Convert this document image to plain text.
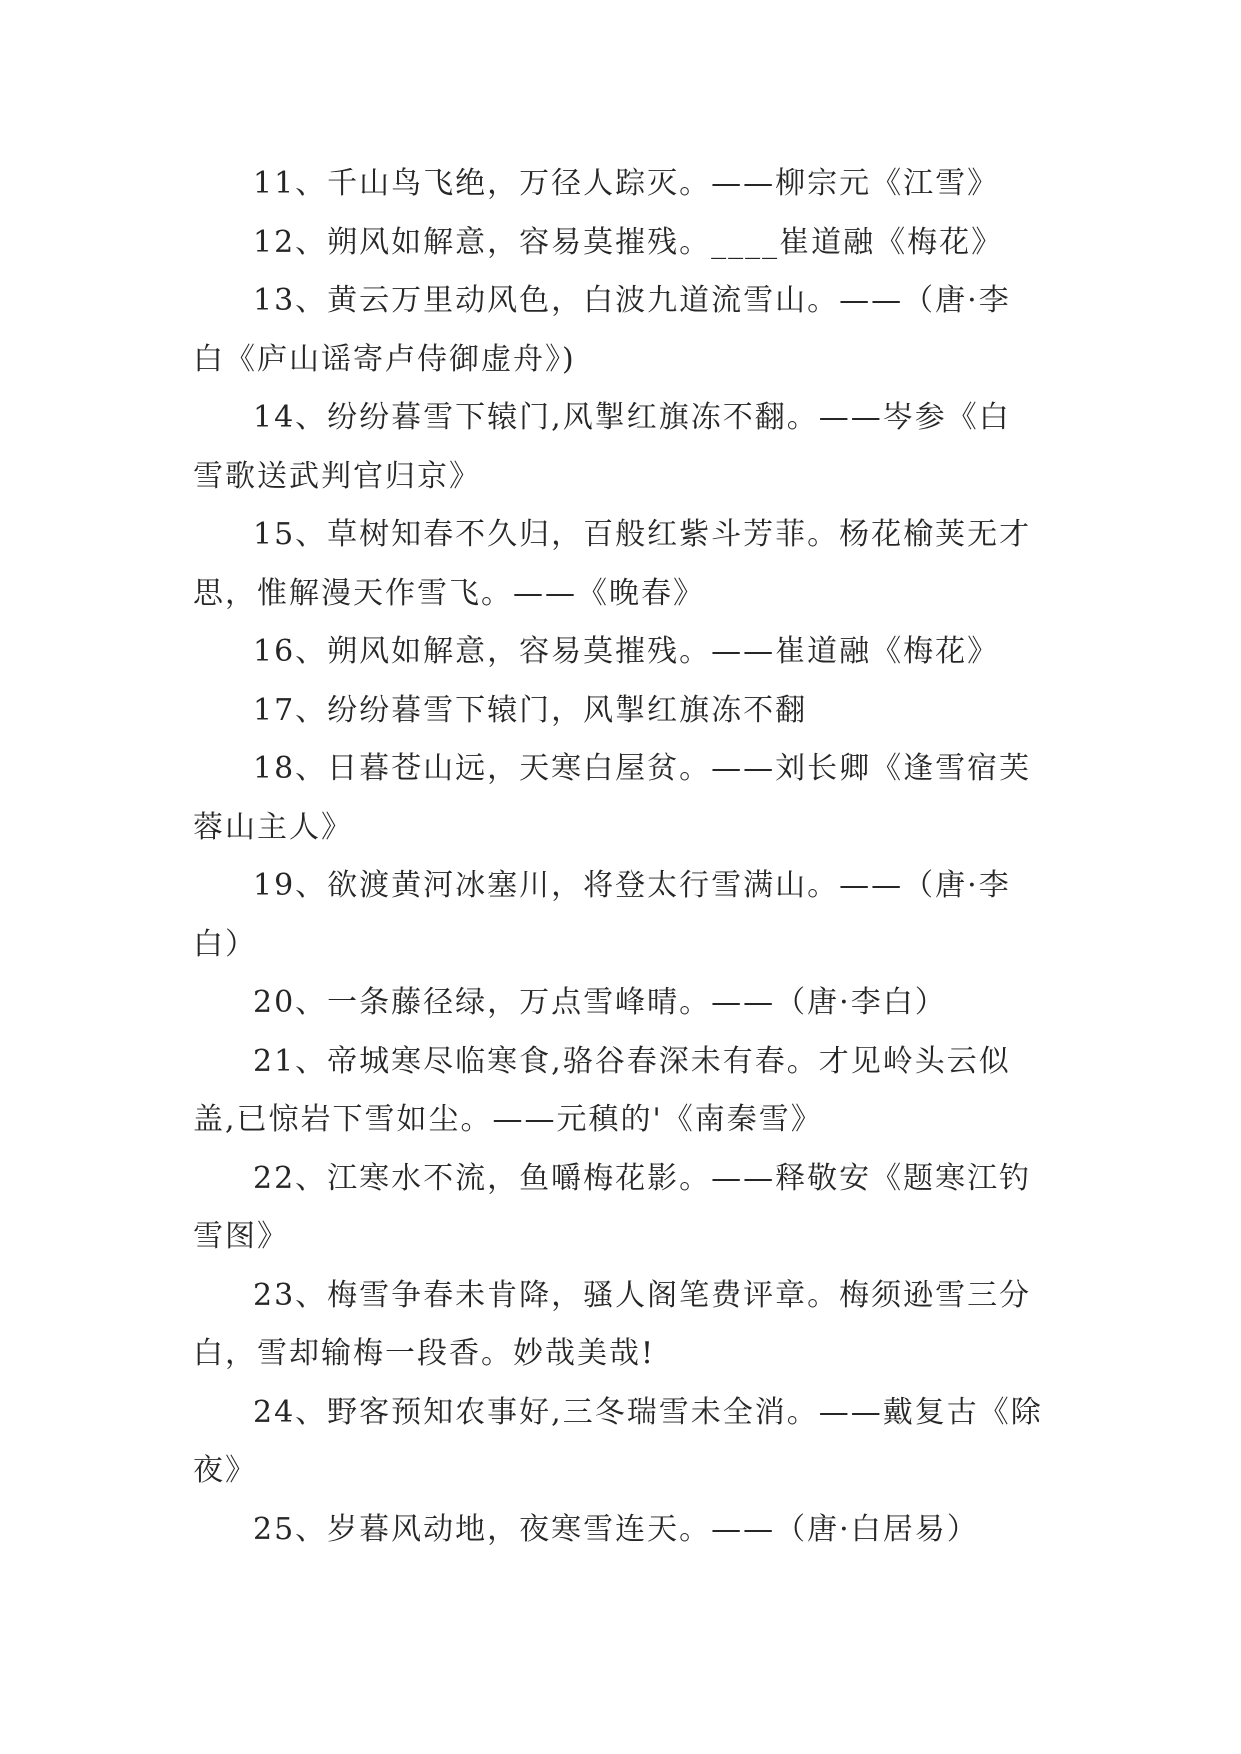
11、千山鸟飞绝，万径人踪灭。——柳宗元《江雪》

12、朔风如解意，容易莫摧残。____崔道融《梅花》

13、黄云万里动风色，白波九道流雪山。——（唐·李
白《庐山谣寄卢侍御虚舟》)

14、纷纷暮雪下辕门,风掣红旗冻不翻。——岑参《白
雪歌送武判官归京》

15、草树知春不久归，百般红紫斗芳菲。杨花榆荚无才
思，惟解漫天作雪飞。——《晚春》

16、朔风如解意，容易莫摧残。——崔道融《梅花》

17、纷纷暮雪下辕门，风掣红旗冻不翻

18、日暮苍山远，天寒白屋贫。——刘长卿《逢雪宿芙
蓉山主人》

19、欲渡黄河冰塞川，将登太行雪满山。——（唐·李
白）

20、一条藤径绿，万点雪峰晴。——（唐·李白）

21、帝城寒尽临寒食,骆谷春深未有春。才见岭头云似
盖,已惊岩下雪如尘。——元稹的'《南秦雪》

22、江寒水不流，鱼嚼梅花影。——释敬安《题寒江钓
雪图》

23、梅雪争春未肯降，骚人阁笔费评章。梅须逊雪三分
白，雪却输梅一段香。妙哉美哉!

24、野客预知农事好,三冬瑞雪未全消。——戴复古《除
夜》

25、岁暮风动地，夜寒雪连天。——（唐·白居易）
